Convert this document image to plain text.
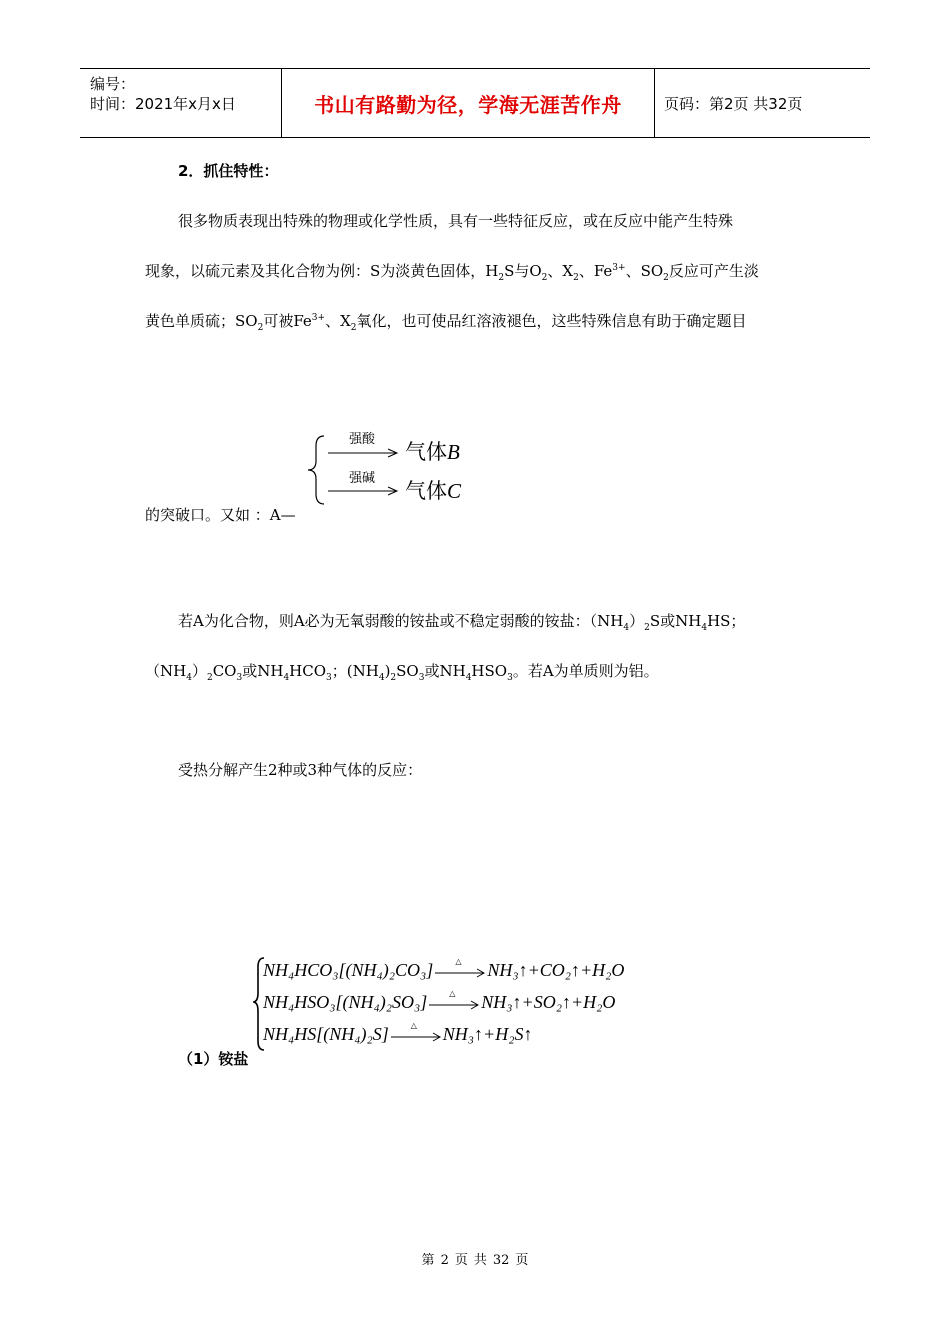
编号：
时间：2021年x月x日	书山有路勤为径，学海无涯苦作舟	页码：第2页 共32页
2．抓住特性：
很多物质表现出特殊的物理或化学性质，具有一些特征反应，或在反应中能产生特殊
现象，以硫元素及其化合物为例：S为淡黄色固体，$H_2S$与$O_2$、$X_2$、$Fe^{3+}$、$SO_2$反应可产生淡
黄色单质硫；$SO_2$可被$Fe^{3+}$、$X_2$氧化，也可使品红溶液褪色，这些特殊信息有助于确定题目
的突破口。又如 ：A—
强酸
气体B
强碱
气体C
若A为化合物，则A必为无氧弱酸的铵盐或不稳定弱酸的铵盐：$(NH_4)_2S$或$NH_4HS$；
$(NH_4)_2CO_3$或$NH_4HCO_3$；$(NH_4)_2SO_3$或$NH_4HSO_3$。若A为单质则为铝。
受热分解产生2种或3种气体的反应：
NH₄HCO₃[(NH₄)₂CO₃]	△ NH₃↑+CO₂↑+H₂O
NH₄HSO₃[(NH₄)₂SO₃]	△ NH₃↑+SO₂↑+H₂O
NH₄HS[(NH₄)₂S]	△ NH₃↑+H₂S↑
（1）铵盐
第 2 页 共 32 页
